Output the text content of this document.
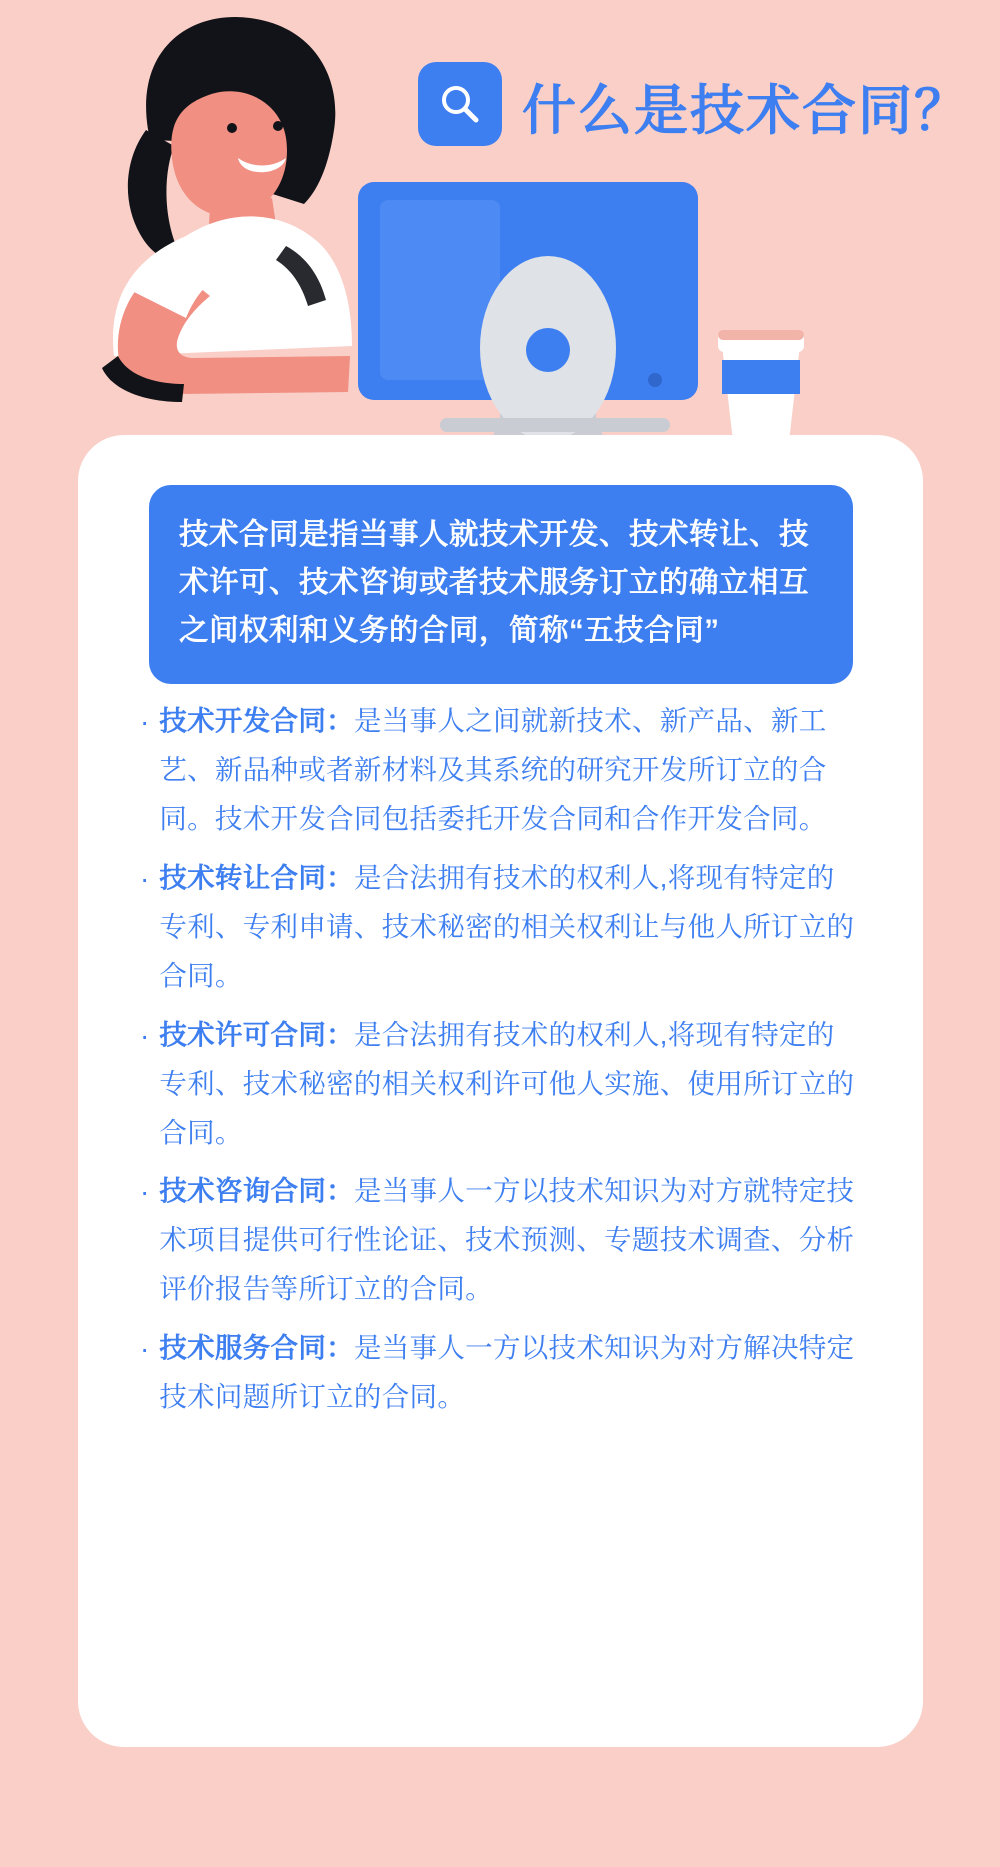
什么是技术合同？
技术合同是指当事人就技术开发、技术转让、技术许可、技术咨询或者技术服务订立的确立相互之间权利和义务的合同，简称“五技合同”
· 技术开发合同：是当事人之间就新技术、新产品、新工艺、新品种或者新材料及其系统的研究开发所订立的合同。技术开发合同包括委托开发合同和合作开发合同。
· 技术转让合同：是合法拥有技术的权利人,将现有特定的专利、专利申请、技术秘密的相关权利让与他人所订立的合同。
· 技术许可合同：是合法拥有技术的权利人,将现有特定的专利、技术秘密的相关权利许可他人实施、使用所订立的合同。
· 技术咨询合同：是当事人一方以技术知识为对方就特定技术项目提供可行性论证、技术预测、专题技术调查、分析评价报告等所订立的合同。
· 技术服务合同：是当事人一方以技术知识为对方解决特定技术问题所订立的合同。
